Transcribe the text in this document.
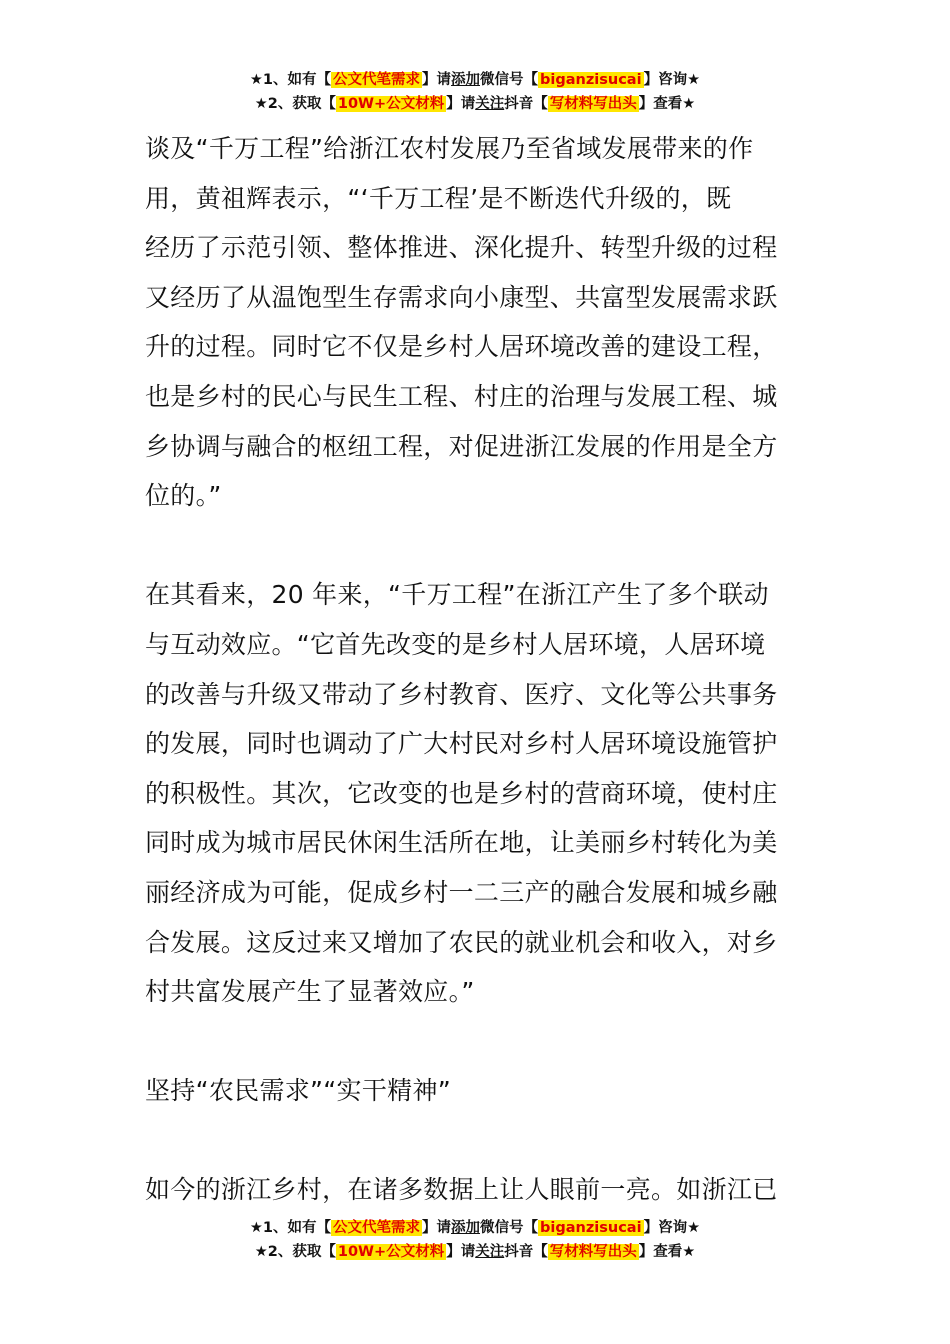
★1、如有【 公文代笔需求 】请添加微信号【 biganzisucai 】咨询★
★2、获取【 10W+公文材料 】请关注抖音【 写材料写出头 】查看★

谈及“千万工程”给浙江农村发展乃至省域发展带来的作

用，黄祖辉表示，“‘千万工程’是不断迭代升级的，既

经历了示范引领、整体推进、深化提升、转型升级的过程

又经历了从温饱型生存需求向小康型、共富型发展需求跃

升的过程。同时它不仅是乡村人居环境改善的建设工程，

也是乡村的民心与民生工程、村庄的治理与发展工程、城

乡协调与融合的枢纽工程，对促进浙江发展的作用是全方

位的。”

在其看来，20 年来，“千万工程”在浙江产生了多个联动

与互动效应。“它首先改变的是乡村人居环境，人居环境

的改善与升级又带动了乡村教育、医疗、文化等公共事务

的发展，同时也调动了广大村民对乡村人居环境设施管护

的积极性。其次，它改变的也是乡村的营商环境，使村庄

同时成为城市居民休闲生活所在地，让美丽乡村转化为美

丽经济成为可能，促成乡村一二三产的融合发展和城乡融

合发展。这反过来又增加了农民的就业机会和收入，对乡

村共富发展产生了显著效应。”

坚持“农民需求”“实干精神”

如今的浙江乡村，在诸多数据上让人眼前一亮。如浙江已

★1、如有【 公文代笔需求 】请添加微信号【 biganzisucai 】咨询★
★2、获取【 10W+公文材料 】请关注抖音【 写材料写出头 】查看★
